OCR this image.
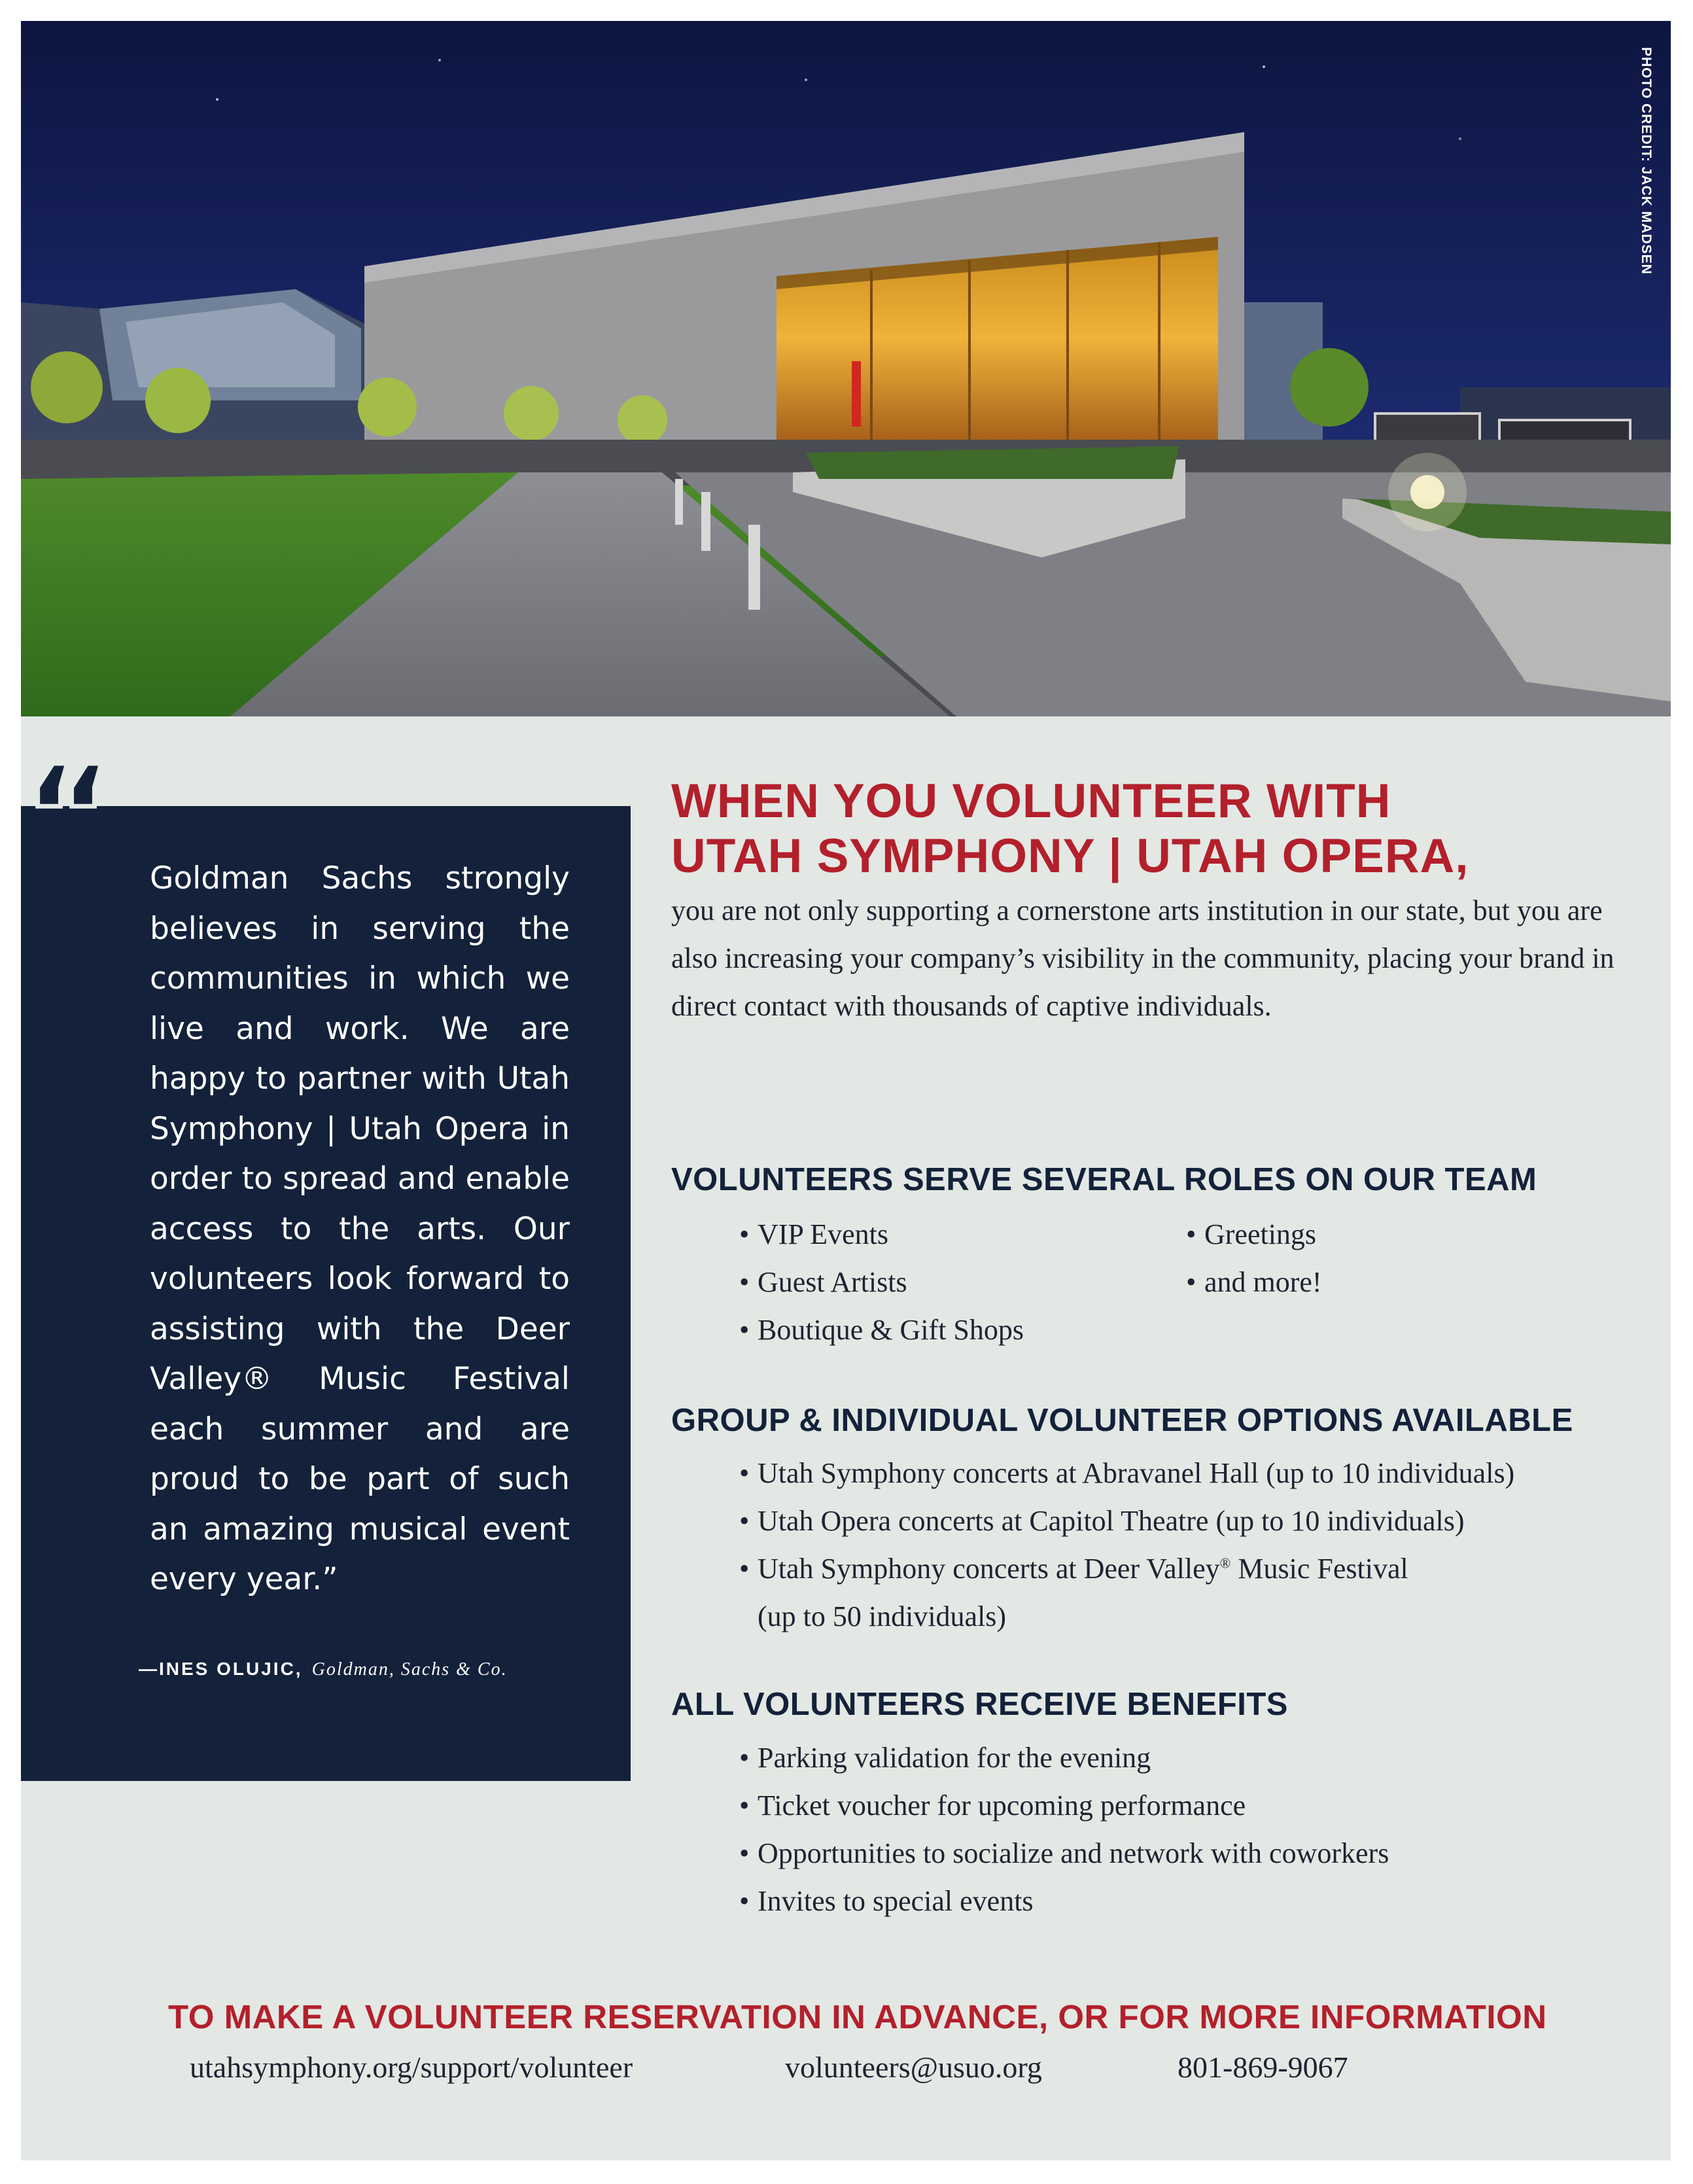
PHOTO CREDIT: JACK MADSEN
“ Goldman Sachs strongly believes in serving the communities in which we live and work. We are happy to partner with Utah Symphony | Utah Opera in order to spread and enable access to the arts. Our volunteers look forward to assisting with the Deer Valley® Music Festival each summer and are proud to be part of such an amazing musical event every year.”

—INES OLUJIC, Goldman, Sachs & Co.
WHEN YOU VOLUNTEER WITH
UTAH SYMPHONY | UTAH OPERA,

you are not only supporting a cornerstone arts institution in our state, but you are also increasing your company’s visibility in the community, placing your brand in direct contact with thousands of captive individuals.

VOLUNTEERS SERVE SEVERAL ROLES ON OUR TEAM
• VIP Events
• Guest Artists
• Boutique & Gift Shops
• Greetings
• and more!
GROUP & INDIVIDUAL VOLUNTEER OPTIONS AVAILABLE
• Utah Symphony concerts at Abravanel Hall (up to 10 individuals)
• Utah Opera concerts at Capitol Theatre (up to 10 individuals)
• Utah Symphony concerts at Deer Valley® Music Festival
(up to 50 individuals)
ALL VOLUNTEERS RECEIVE BENEFITS
• Parking validation for the evening
• Ticket voucher for upcoming performance
• Opportunities to socialize and network with coworkers
• Invites to special events
TO MAKE A VOLUNTEER RESERVATION IN ADVANCE, OR FOR MORE INFORMATION
utahsymphony.org/support/volunteer	volunteers@usuo.org	801-869-9067
